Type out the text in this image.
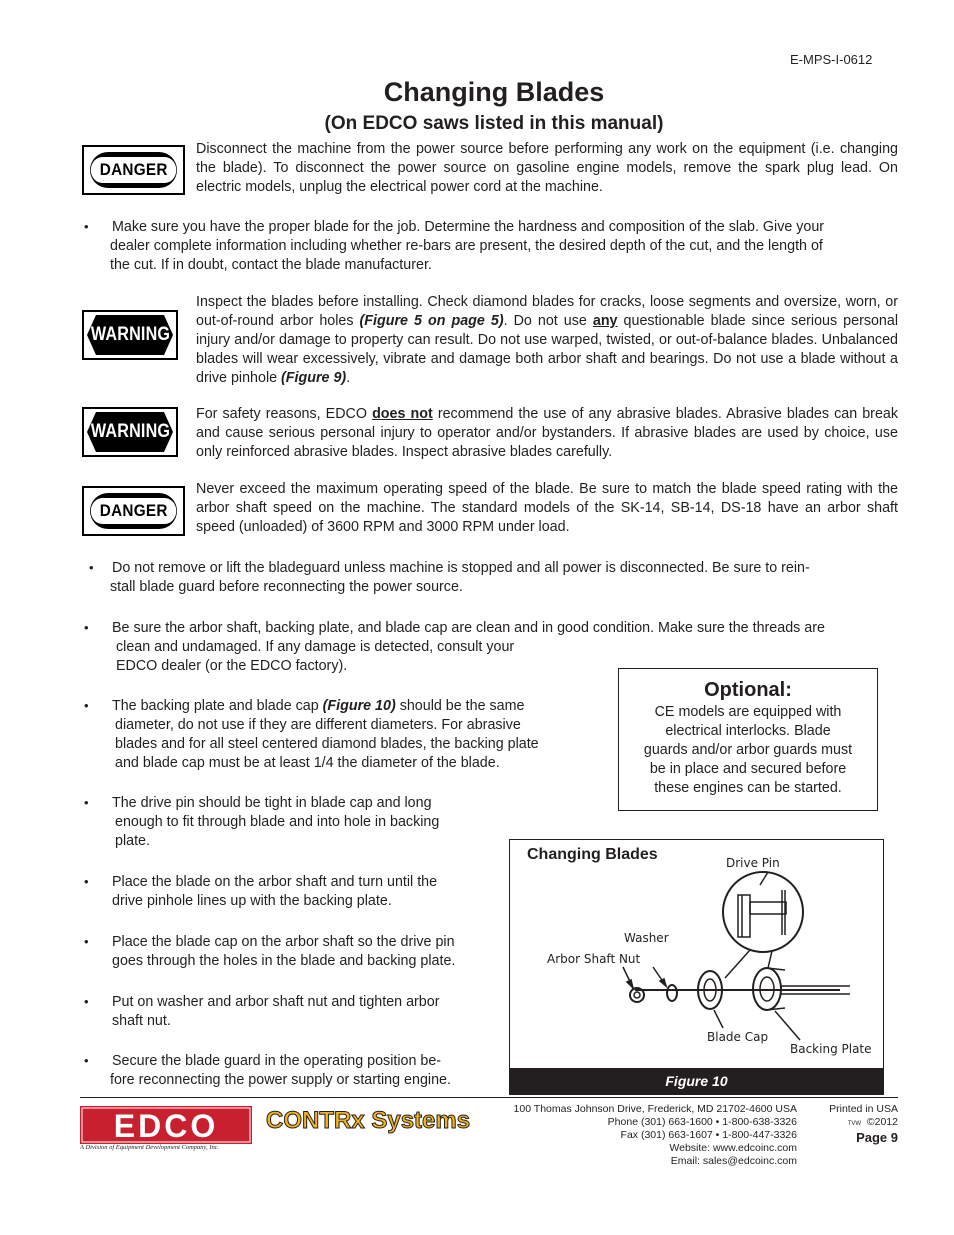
E-MPS-I-0612
Changing Blades
(On EDCO saws listed in this manual)
DANGER
Disconnect the machine from the power source before performing any work on the equipment (i.e. changing the blade). To disconnect the power source on gasoline engine models, remove the spark plug lead. On electric models, unplug the electrical power cord at the machine.
• Make sure you have the proper blade for the job. Determine the hardness and composition of the slab. Give your
dealer complete information including whether re-bars are present, the desired depth of the cut, and the length of
the cut. If in doubt, contact the blade manufacturer.
WARNING
Inspect the blades before installing. Check diamond blades for cracks, loose segments and oversize, worn, or out-of-round arbor holes (Figure 5 on page 5). Do not use any questionable blade since serious personal injury and/or damage to property can result. Do not use warped, twisted, or out-of-balance blades. Unbalanced blades will wear excessively, vibrate and damage both arbor shaft and bearings. Do not use a blade without a drive pinhole (Figure 9).
WARNING
For safety reasons, EDCO does not recommend the use of any abrasive blades. Abrasive blades can break and cause serious personal injury to operator and/or bystanders. If abrasive blades are used by choice, use only reinforced abrasive blades. Inspect abrasive blades carefully.
DANGER
Never exceed the maximum operating speed of the blade. Be sure to match the blade speed rating with the arbor shaft speed on the machine. The standard models of the SK-14, SB-14, DS-18 have an arbor shaft speed (unloaded) of 3600 RPM and 3000 RPM under load.
• Do not remove or lift the bladeguard unless machine is stopped and all power is disconnected. Be sure to rein-
stall blade guard before reconnecting the power source.
• Be sure the arbor shaft, backing plate, and blade cap are clean and in good condition. Make sure the threads are
clean and undamaged. If any damage is detected, consult your
EDCO dealer (or the EDCO factory).
• The backing plate and blade cap (Figure 10) should be the same
diameter, do not use if they are different diameters. For abrasive
blades and for all steel centered diamond blades, the backing plate
and blade cap must be at least 1/4 the diameter of the blade.
• The drive pin should be tight in blade cap and long
enough to fit through blade and into hole in backing
plate.
• Place the blade on the arbor shaft and turn until the
drive pinhole lines up with the backing plate.
• Place the blade cap on the arbor shaft so the drive pin
goes through the holes in the blade and backing plate.
• Put on washer and arbor shaft nut and tighten arbor
shaft nut.
• Secure the blade guard in the operating position be-
fore reconnecting the power supply or starting engine.
Optional:
CE models are equipped with
electrical interlocks. Blade
guards and/or arbor guards must
be in place and secured before
these engines can be started.
Changing Blades	Drive Pin
Washer
Arbor Shaft Nut
Blade Cap
Backing Plate
Figure 10
EDCO
A Division of Equipment Development Company, Inc.
CONTRx Systems	100 Thomas Johnson Drive, Frederick, MD 21702-4600 USA
Phone (301) 663-1600 • 1-800-638-3326
Fax (301) 663-1607 • 1-800-447-3326
Website: www.edcoinc.com
Email: sales@edcoinc.com
Printed in USA
TVW ©2012
Page 9
